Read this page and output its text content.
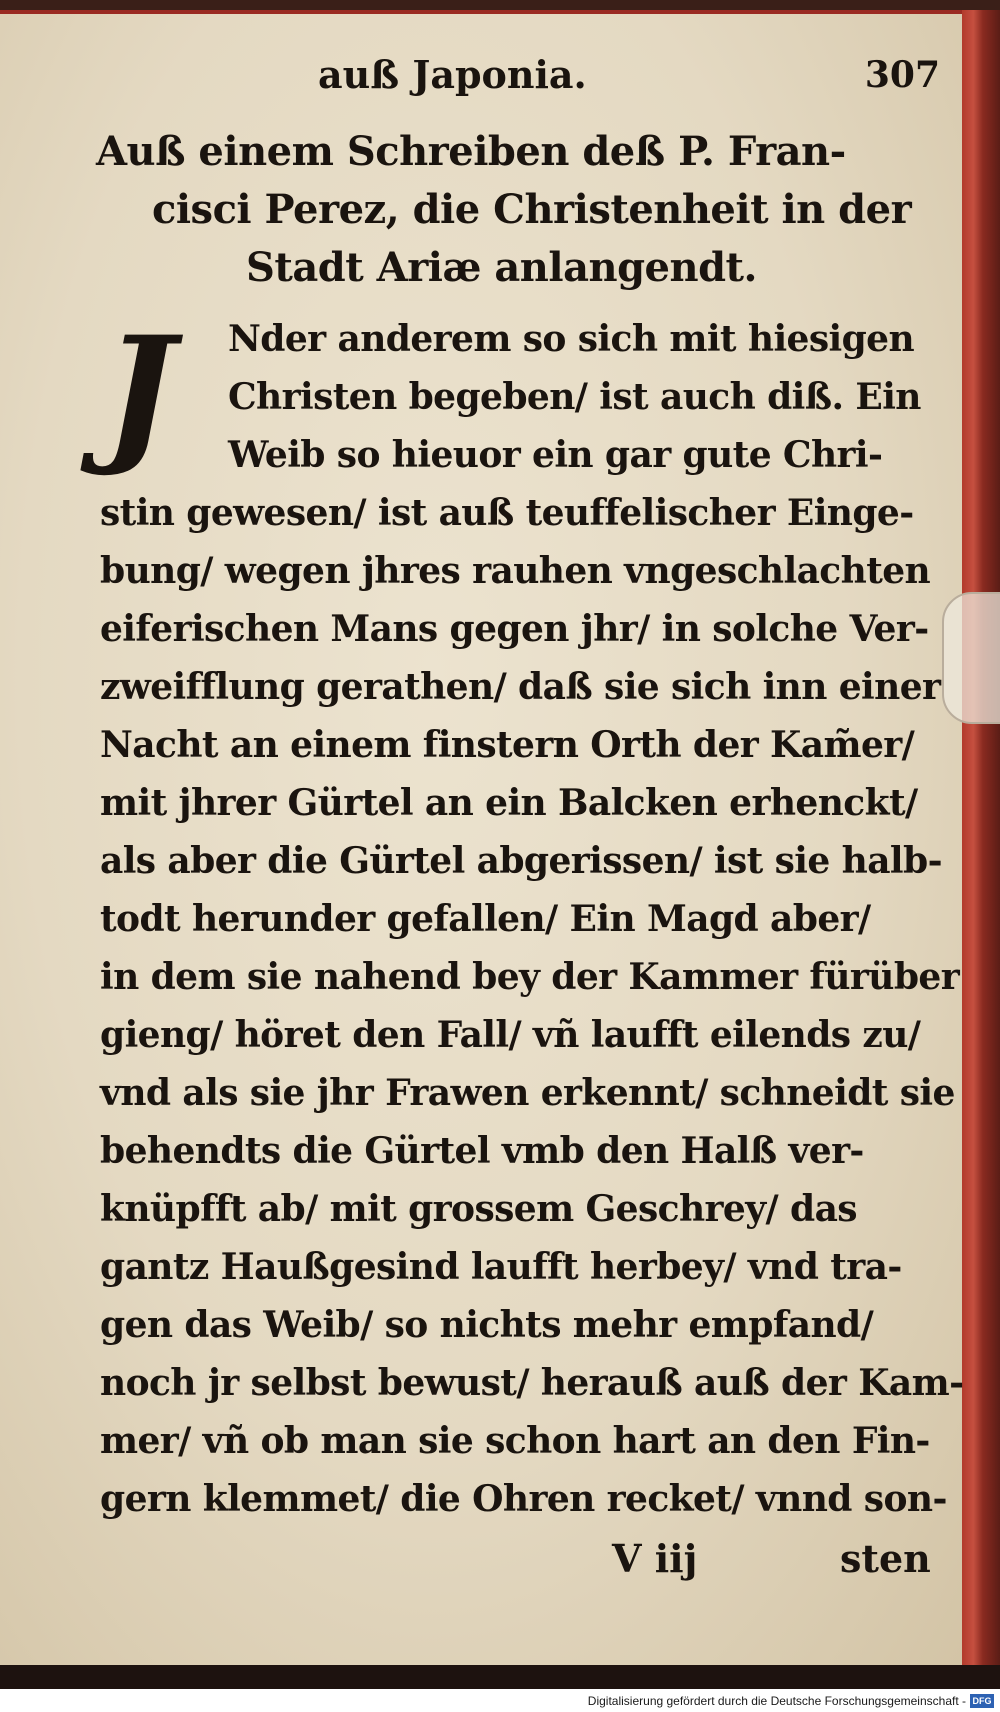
auß Japonia.	307
Auß einem Schreiben deß P. Fran-
cisci Perez, die Christenheit in der
Stadt Ariæ anlangendt.
J	Nder anderem so sich mit hiesigen
Christen begeben/ ist auch diß. Ein
Weib so hieuor ein gar gute Chri-
stin gewesen/ ist auß teuffelischer Einge-
bung/ wegen jhres rauhen vngeschlachten
eiferischen Mans gegen jhr/ in solche Ver-
zweifflung gerathen/ daß sie sich inn einer
Nacht an einem finstern Orth der Kam̃er/
mit jhrer Gürtel an ein Balcken erhenckt/
als aber die Gürtel abgerissen/ ist sie halb-
todt herunder gefallen/ Ein Magd aber/
in dem sie nahend bey der Kammer fürüber
gieng/ höret den Fall/ vñ laufft eilends zu/
vnd als sie jhr Frawen erkennt/ schneidt sie
behendts die Gürtel vmb den Halß ver-
knüpfft ab/ mit grossem Geschrey/ das
gantz Haußgesind laufft herbey/ vnd tra-
gen das Weib/ so nichts mehr empfand/
noch jr selbst bewust/ herauß auß der Kam-
mer/ vñ ob man sie schon hart an den Fin-
gern klemmet/ die Ohren recket/ vnnd son-
V iij	sten
Digitalisierung gefördert durch die Deutsche Forschungsgemeinschaft - DFG
